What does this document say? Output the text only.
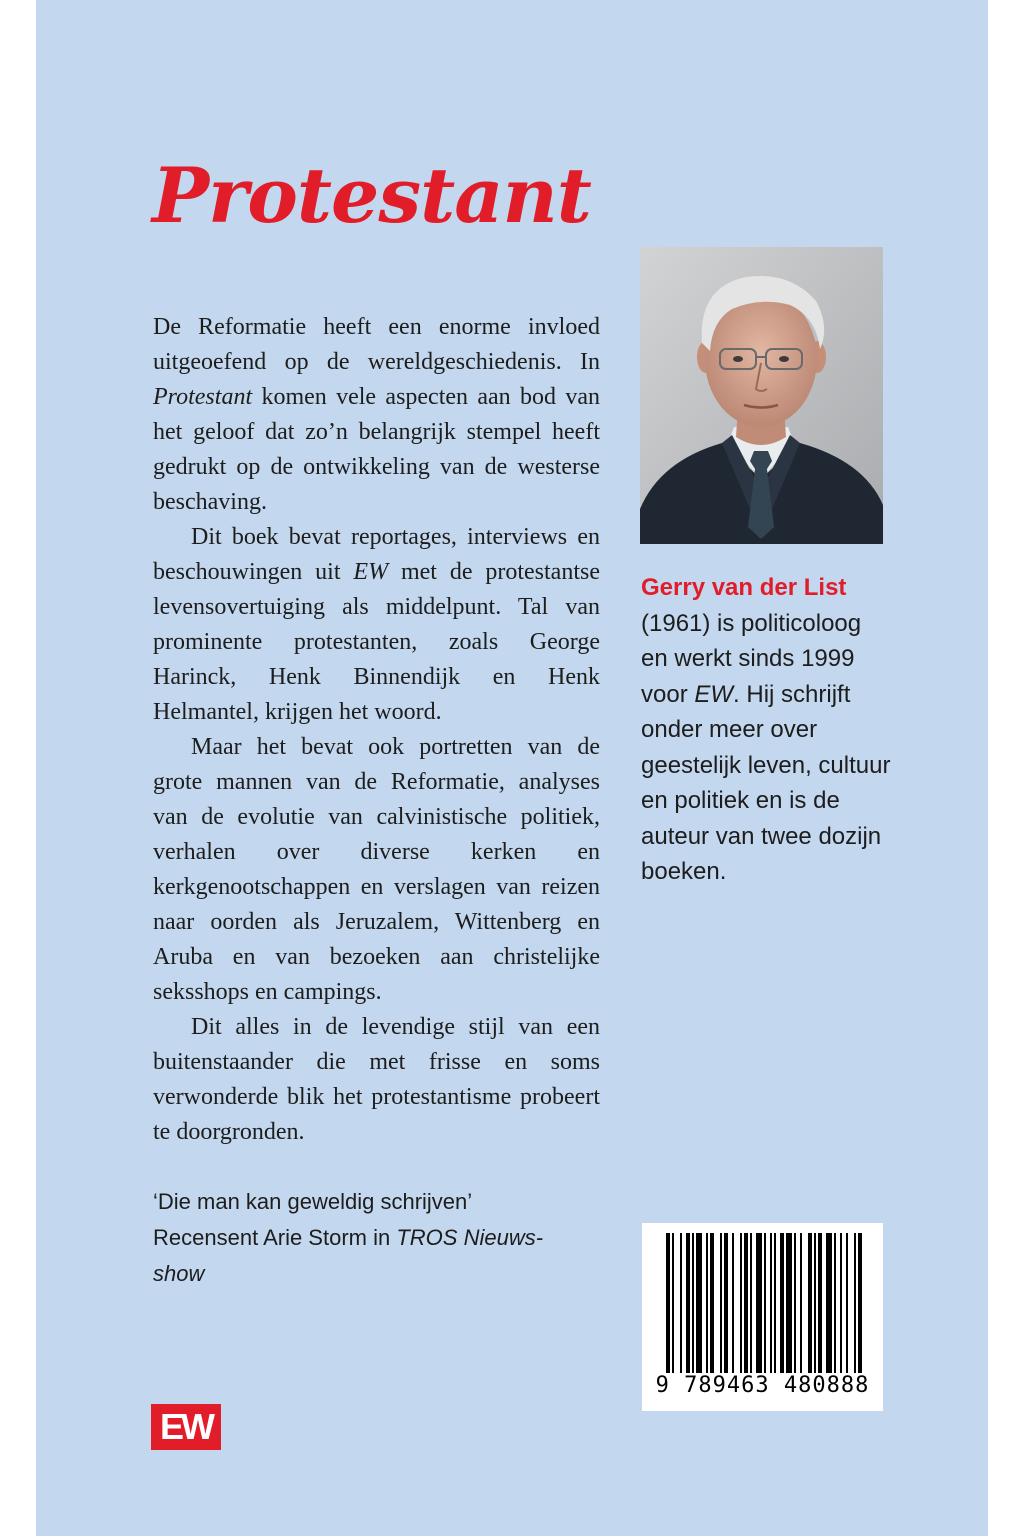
Protestant

De Reformatie heeft een enorme invloed uitgeoefend op de wereldgeschiedenis. In Protestant komen vele aspecten aan bod van het geloof dat zo’n belangrijk stempel heeft gedrukt op de ontwikkeling van de westerse beschaving.

Dit boek bevat reportages, interviews en beschouwingen uit EW met de protestantse levensovertuiging als middelpunt. Tal van prominente protestanten, zoals George Harinck, Henk Binnendijk en Henk Helmantel, krijgen het woord.

Maar het bevat ook portretten van de grote mannen van de Reformatie, analyses van de evolutie van calvinistische politiek, verhalen over diverse kerken en kerkgenootschappen en verslagen van reizen naar oorden als Jeruzalem, Wittenberg en Aruba en van bezoeken aan christelijke seksshops en campings.

Dit alles in de levendige stijl van een buitenstaander die met frisse en soms verwonderde blik het protestantisme probeert te doorgronden.

‘Die man kan geweldig schrijven’
Recensent Arie Storm in TROS Nieuws-show
Gerry van der List
(1961) is politicoloog en werkt sinds 1999 voor EW. Hij schrijft onder meer over geestelijk leven, cultuur en politiek en is de auteur van twee dozijn boeken.
9 789463 480888
EW
